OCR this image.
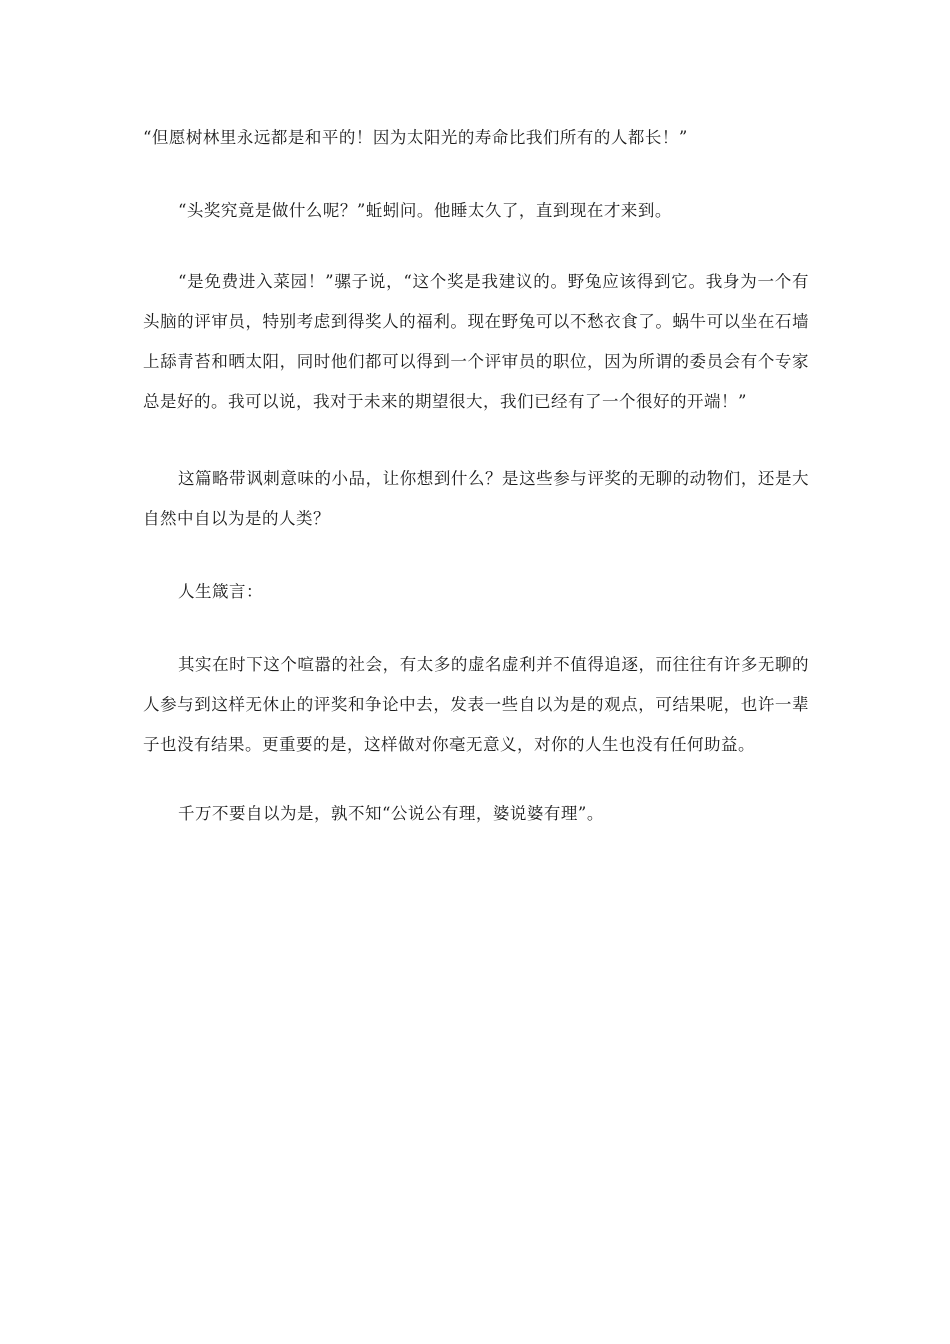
“但愿树林里永远都是和平的！因为太阳光的寿命比我们所有的人都长！”

“头奖究竟是做什么呢？”蚯蚓问。他睡太久了，直到现在才来到。

“是免费进入菜园！”骡子说，“这个奖是我建议的。野兔应该得到它。我身为一个有头脑的评审员，特别考虑到得奖人的福利。现在野兔可以不愁衣食了。蜗牛可以坐在石墙上舔青苔和晒太阳，同时他们都可以得到一个评审员的职位，因为所谓的委员会有个专家总是好的。我可以说，我对于未来的期望很大，我们已经有了一个很好的开端！”

这篇略带讽刺意味的小品，让你想到什么？是这些参与评奖的无聊的动物们，还是大自然中自以为是的人类？

人生箴言：

其实在时下这个喧嚣的社会，有太多的虚名虚利并不值得追逐，而往往有许多无聊的人参与到这样无休止的评奖和争论中去，发表一些自以为是的观点，可结果呢，也许一辈子也没有结果。更重要的是，这样做对你毫无意义，对你的人生也没有任何助益。

千万不要自以为是，孰不知“公说公有理，婆说婆有理”。
